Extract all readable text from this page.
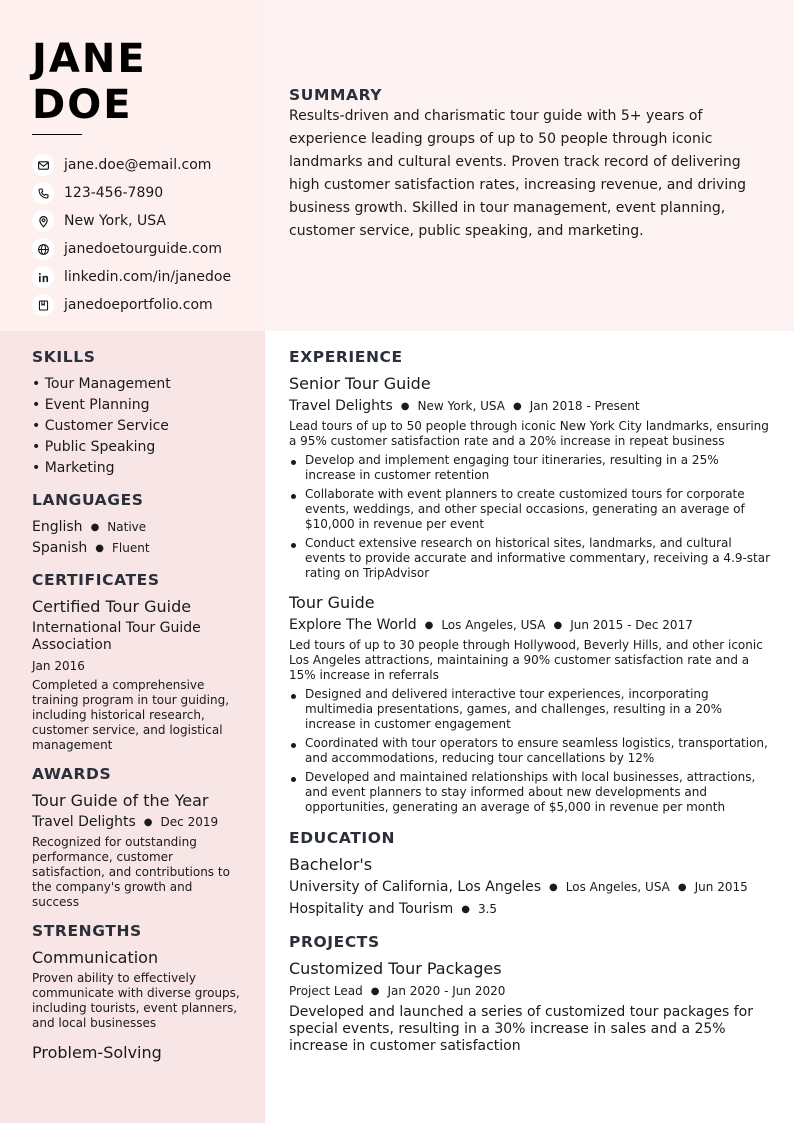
JANE
DOE
jane.doe@email.com
123-456-7890
New York, USA
janedoetourguide.com
linkedin.com/in/janedoe
janedoeportfolio.com
SUMMARY

Results-driven and charismatic tour guide with 5+ years of experience leading groups of up to 50 people through iconic landmarks and cultural events. Proven track record of delivering high customer satisfaction rates, increasing revenue, and driving business growth. Skilled in tour management, event planning, customer service, public speaking, and marketing.

SKILLS
• Tour Management
• Event Planning
• Customer Service
• Public Speaking
• Marketing
LANGUAGES
English ● Native
Spanish ● Fluent
CERTIFICATES
Certified Tour Guide
International Tour Guide Association
Jan 2016
Completed a comprehensive training program in tour guiding, including historical research, customer service, and logistical management
AWARDS
Tour Guide of the Year
Travel Delights ● Dec 2019
Recognized for outstanding performance, customer satisfaction, and contributions to the company's growth and success
STRENGTHS
Communication
Proven ability to effectively communicate with diverse groups, including tourists, event planners, and local businesses
Problem-Solving
EXPERIENCE
Senior Tour Guide
Travel Delights ● New York, USA ● Jan 2018 - Present
Lead tours of up to 50 people through iconic New York City landmarks, ensuring a 95% customer satisfaction rate and a 20% increase in repeat business
Develop and implement engaging tour itineraries, resulting in a 25% increase in customer retention
Collaborate with event planners to create customized tours for corporate events, weddings, and other special occasions, generating an average of $10,000 in revenue per event
Conduct extensive research on historical sites, landmarks, and cultural events to provide accurate and informative commentary, receiving a 4.9-star rating on TripAdvisor
Tour Guide
Explore The World ● Los Angeles, USA ● Jun 2015 - Dec 2017
Led tours of up to 30 people through Hollywood, Beverly Hills, and other iconic Los Angeles attractions, maintaining a 90% customer satisfaction rate and a 15% increase in referrals
Designed and delivered interactive tour experiences, incorporating multimedia presentations, games, and challenges, resulting in a 20% increase in customer engagement
Coordinated with tour operators to ensure seamless logistics, transportation, and accommodations, reducing tour cancellations by 12%
Developed and maintained relationships with local businesses, attractions, and event planners to stay informed about new developments and opportunities, generating an average of $5,000 in revenue per month
EDUCATION
Bachelor's
University of California, Los Angeles ● Los Angeles, USA ● Jun 2015
Hospitality and Tourism ● 3.5
PROJECTS
Customized Tour Packages
Project Lead ● Jan 2020 - Jun 2020
Developed and launched a series of customized tour packages for special events, resulting in a 30% increase in sales and a 25% increase in customer satisfaction
